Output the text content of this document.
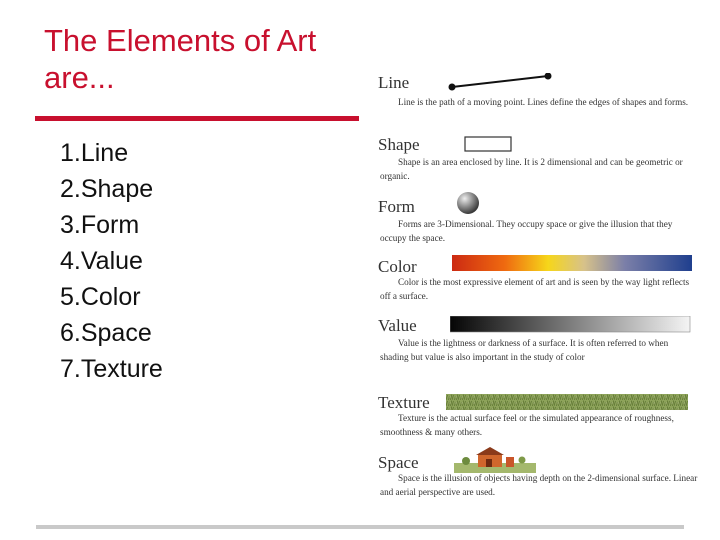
The Elements of Art
are...
1.Line
2.Shape
3.Form
4.Value
5.Color
6.Space
7.Texture
Line
Line is the path of a moving point. Lines define the edges of shapes and forms.
Shape
Shape is an area enclosed by line. It is 2 dimensional and can be geometric or organic.
Form
Forms are 3-Dimensional. They occupy space or give the illusion that they occupy the space.
Color
Color is the most expressive element of art and is seen by the way light reflects off a surface.
Value
Value is the lightness or darkness of a surface. It is often referred to when shading but value is also important in the study of color
Texture
Texture is the actual surface feel or the simulated appearance of roughness, smoothness & many others.
Space
Space is the illusion of objects having depth on the 2-dimensional surface. Linear and aerial perspective are used.
